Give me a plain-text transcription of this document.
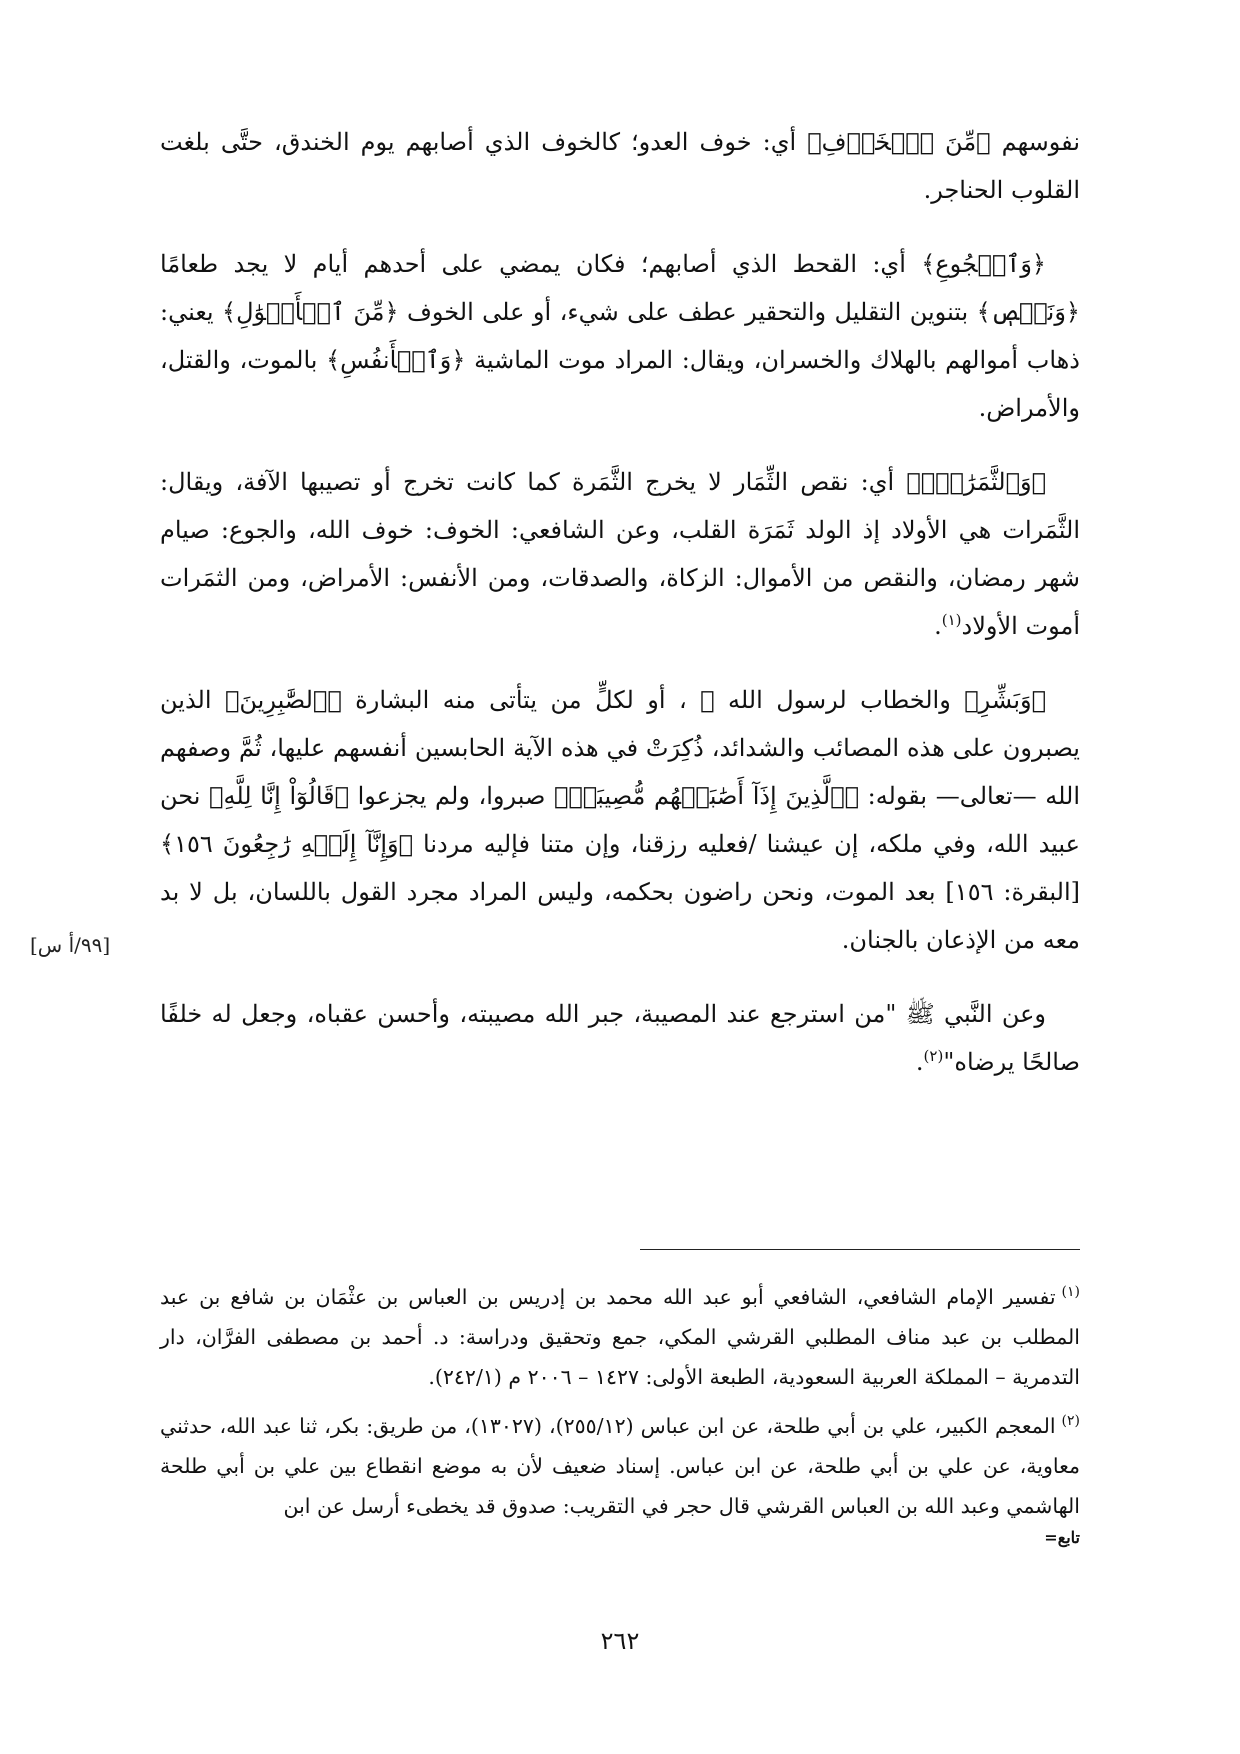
نفوسهم ﴿مِّنَ ٱلۡخَوۡفِ﴾ أي: خوف العدو؛ كالخوف الذي أصابهم يوم الخندق، حتَّى بلغت القلوب الحناجر.

﴿وَٱلۡجُوعِ﴾ أي: القحط الذي أصابهم؛ فكان يمضي على أحدهم أيام لا يجد طعامًا ﴿وَنَقۡصٖ﴾ بتنوين التقليل والتحقير عطف على شيء، أو على الخوف ﴿مِّنَ ٱلۡأَمۡوَٰلِ﴾ يعني: ذهاب أموالهم بالهلاك والخسران، ويقال: المراد موت الماشية ﴿وَٱلۡأَنفُسِ﴾ بالموت، والقتل، والأمراض.

﴿وَٱلثَّمَرَٰتِۗ﴾ أي: نقص الثِّمَار لا يخرج الثَّمَرة كما كانت تخرج أو تصيبها الآفة، ويقال: الثَّمَرات هي الأولاد إذ الولد ثَمَرَة القلب، وعن الشافعي: الخوف: خوف الله، والجوع: صيام شهر رمضان، والنقص من الأموال: الزكاة، والصدقات، ومن الأنفس: الأمراض، ومن الثمَرات أموت الأولاد$^{(١)}$.

﴿وَبَشِّرِ﴾ والخطاب لرسول الله ﷺ ، أو لكلٍّ من يتأتى منه البشارة ﴿ٱلصَّٰبِرِينَ﴾ الذين يصبرون على هذه المصائب والشدائد، ذُكِرَتْ في هذه الآية الحابسين أنفسهم عليها، ثُمَّ وصفهم الله —تعالى— بقوله: ﴿ٱلَّذِينَ إِذَآ أَصَٰبَتۡهُم مُّصِيبَةٞ﴾ صبروا، ولم يجزعوا ﴿قَالُوٓاْ إِنَّا لِلَّهِ﴾ نحن عبيد الله، وفي ملكه، إن عيشنا /فعليه رزقنا، وإن متنا فإليه مردنا ﴿وَإِنَّآ إِلَيۡهِ رَٰجِعُونَ ١٥٦﴾ [البقرة: ١٥٦] بعد الموت، ونحن راضون بحكمه، وليس المراد مجرد القول باللسان، بل لا بد معه من الإذعان بالجنان.

وعن النَّبي ﷺ "من استرجع عند المصيبة، جبر الله مصيبته، وأحسن عقباه، وجعل له خلفًا صالحًا يرضاه"$^{(٢)}$.

[٩٩/أ س]

$^{(١)}$تفسير الإمام الشافعي، الشافعي أبو عبد الله محمد بن إدريس بن العباس بن عثْمَان بن شافع بن عبد المطلب بن عبد مناف المطلبي القرشي المكي، جمع وتحقيق ودراسة: د. أحمد بن مصطفى الفرَّان، دار التدمرية – المملكة العربية السعودية، الطبعة الأولى: ١٤٢٧ – ٢٠٠٦ م (٢٤٢/١).

$^{(٢)}$المعجم الكبير، علي بن أبي طلحة، عن ابن عباس (٢٥٥/١٢)، (١٣٠٢٧)، من طريق: بكر، ثنا عبد الله، حدثني معاوية، عن علي بن أبي طلحة، عن ابن عباس. إسناد ضعيف لأن به موضع انقطاع بين علي بن أبي طلحة الهاشمي وعبد الله بن العباس القرشي قال حجر في التقريب: صدوق قد يخطىء أرسل عن ابن

تابع=
٢٦٢
